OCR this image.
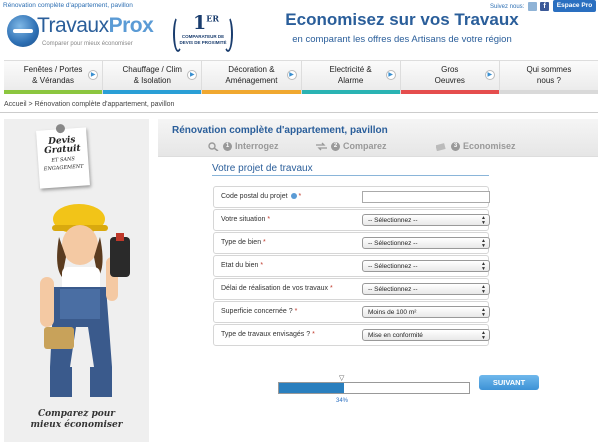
Rénovation complète d'appartement, pavillon
TravauxProx
Comparer pour mieux économiser
1ER
COMPARATEUR DE DEVIS DE PROXIMITÉ
Economisez sur vos Travaux
en comparant les offres des Artisans de votre région
Suivez nous:	f	Espace Pro
Fenêtes / Portes
& Vérandas
▶
Chauffage / Clim
& Isolation
▶
Décoration &
Aménagement
▶
Electricité &
Alarme
▶
Gros
Oeuvres
▶
Qui sommes
nous ?
Accueil > Rénovation complète d'appartement, pavillon
Devis
Gratuit
ET SANS
ENGAGEMENT
Comparez pour
mieux économiser
Rénovation complète d'appartement, pavillon
1 Interrogez	2 Comparez	3 Economisez
Votre projet de travaux
Code postal du projet *
Votre situation *	-- Sélectionnez --	▲
▼
Type de bien *	-- Sélectionnez --	▲
▼
Etat du bien *	-- Sélectionnez --	▲
▼
Délai de réalisation de vos travaux *	-- Sélectionnez --	▲
▼
Superficie concernée ? *	Moins de 100 m²	▲
▼
Type de travaux envisagés ? *	Mise en conformité	▲
▼
▽
34%
SUIVANT
